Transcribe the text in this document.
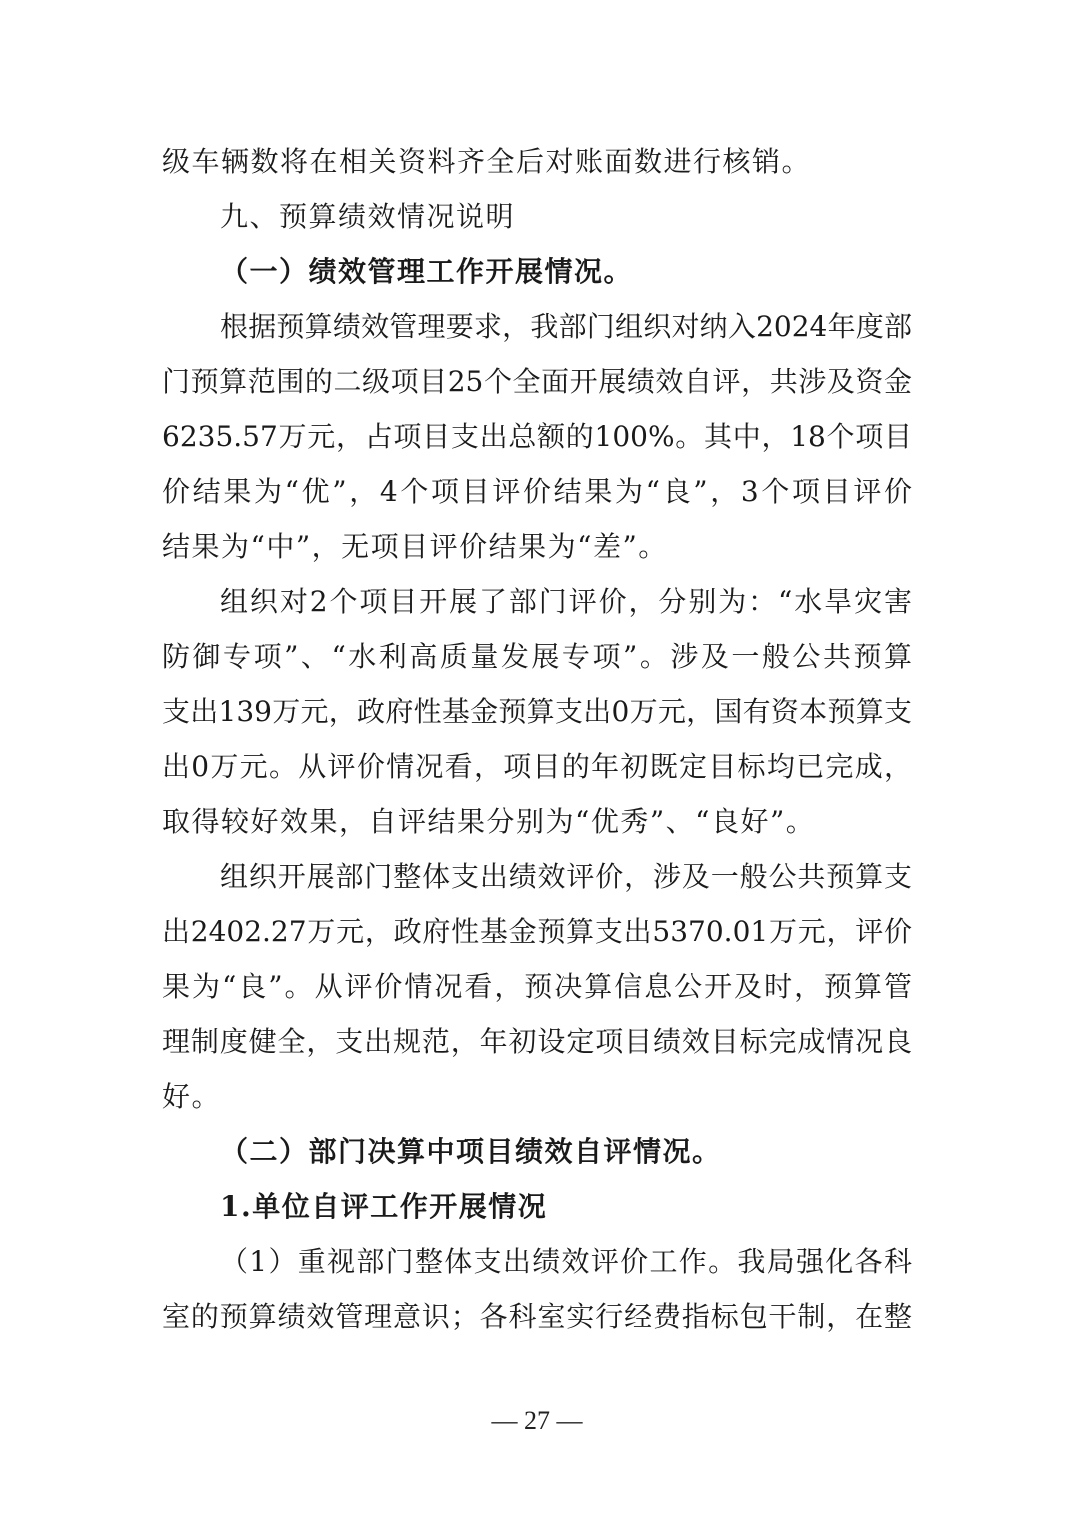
级车辆数将在相关资料齐全后对账面数进行核销。
九、预算绩效情况说明
（一）绩效管理工作开展情况。
根据预算绩效管理要求，我部门组织对纳入2024年度部
门预算范围的二级项目25个全面开展绩效自评，共涉及资金
6235.57万元，占项目支出总额的100%。其中，18个项目
价结果为“优”，4个项目评价结果为“良”，3个项目评价
结果为“中”，无项目评价结果为“差”。
组织对2个项目开展了部门评价，分别为：“水旱灾害
防御专项”、“水利高质量发展专项”。涉及一般公共预算
支出139万元，政府性基金预算支出0万元，国有资本预算支
出0万元。从评价情况看，项目的年初既定目标均已完成，
取得较好效果，自评结果分别为“优秀”、“良好”。
组织开展部门整体支出绩效评价，涉及一般公共预算支
出2402.27万元，政府性基金预算支出5370.01万元，评价
果为“良”。从评价情况看，预决算信息公开及时，预算管
理制度健全，支出规范，年初设定项目绩效目标完成情况良
好。
（二）部门决算中项目绩效自评情况。
1.单位自评工作开展情况
（1）重视部门整体支出绩效评价工作。我局强化各科
室的预算绩效管理意识；各科室实行经费指标包干制，在整
— 27 —
